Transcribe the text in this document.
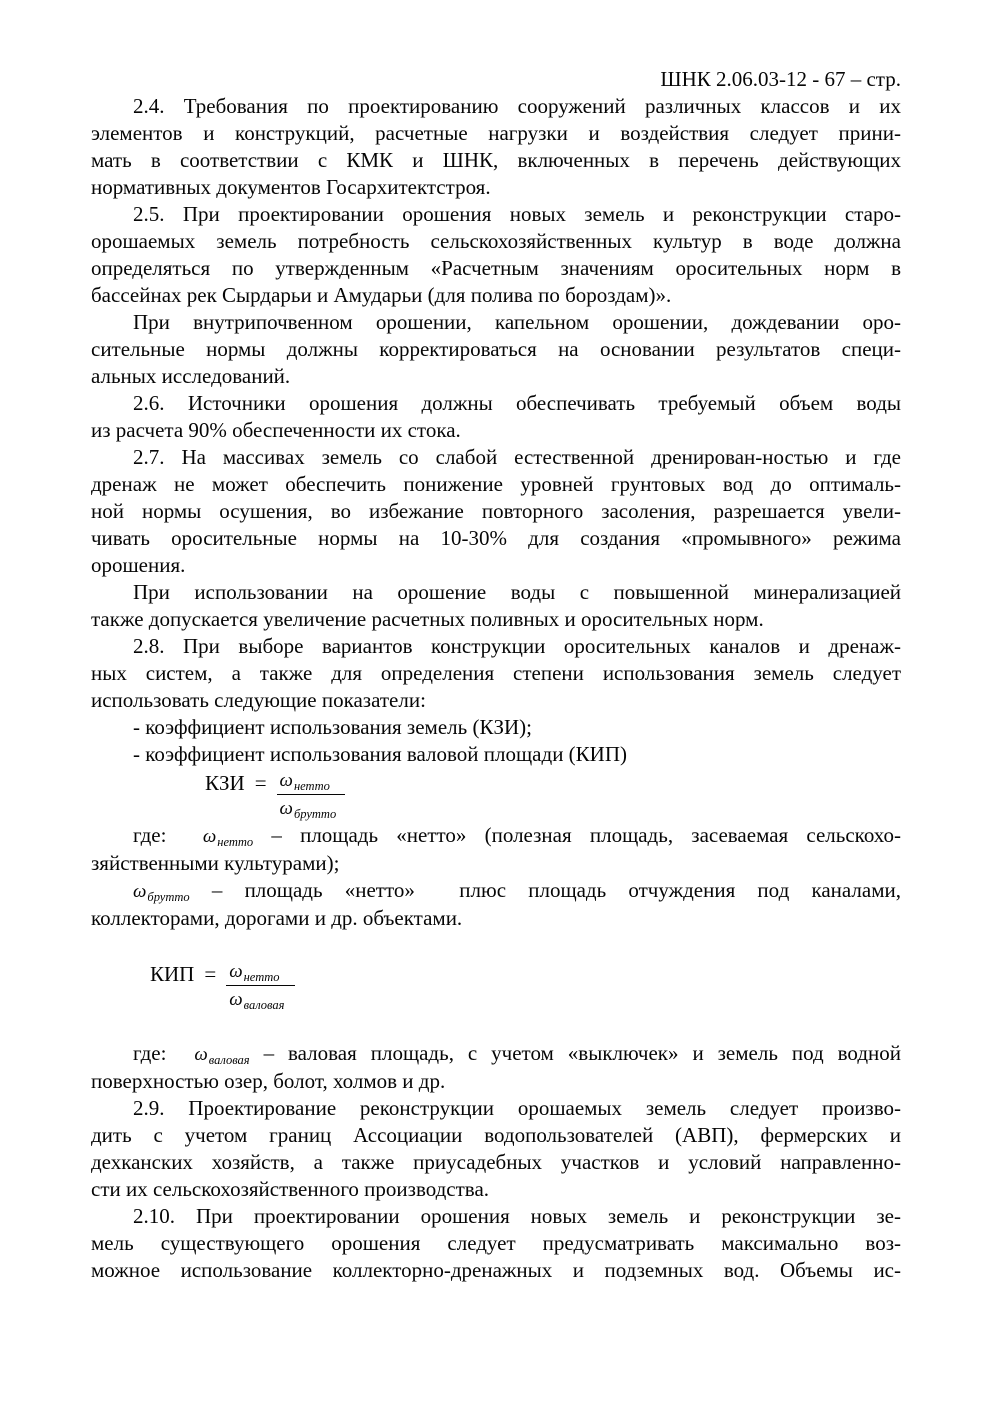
ШНК 2.06.03-12 - 67 – стр.
2.4. Требования по проектированию сооружений различных классов и их
элементов и конструкций, расчетные нагрузки и воздействия следует прини-
мать в соответствии с КМК и ШНК, включенных в перечень действующих
нормативных документов Госархитектстроя.
2.5. При проектировании орошения новых земель и реконструкции старо-
орошаемых земель потребность сельскохозяйственных культур в воде должна
определяться по утвержденным «Расчетным значениям оросительных норм в
бассейнах рек Сырдарьи и Амударьи (для полива по бороздам)».
При внутрипочвенном орошении, капельном орошении, дождевании оро-
сительные нормы должны корректироваться на основании результатов специ-
альных исследований.
2.6. Источники орошения должны обеспечивать требуемый объем воды
из расчета 90% обеспеченности их стока.
2.7. На массивах земель со слабой естественной дренирован-ностью и где
дренаж не может обеспечить понижение уровней грунтовых вод до оптималь-
ной нормы осушения, во избежание повторного засоления, разрешается увели-
чивать оросительные нормы на 10-30% для создания «промывного» режима
орошения.
При использовании на орошение воды с повышенной минерализацией
также допускается увеличение расчетных поливных и оросительных норм.
2.8. При выборе вариантов конструкции оросительных каналов и дренаж-
ных систем, а также для определения степени использования земель следует
использовать следующие показатели:
- коэффициент использования земель (КЗИ);
- коэффициент использования валовой площади (КИП)
КЗИ = $\frac{\omega_{нетто}}{\omega_{брутто}}$
где:  $\omega_{нетто}$ – площадь «нетто» (полезная площадь, засеваемая сельскохо-
зяйственными культурами);
$\omega_{брутто}$ – площадь «нетто»  плюс площадь отчуждения под каналами,
коллекторами, дорогами и др. объектами.
КИП = $\frac{\omega_{нетто}}{\omega_{валовая}}$
где:  $\omega_{валовая}$ – валовая площадь, с учетом «выключек» и земель под водной
поверхностью озер, болот, холмов и др.
2.9. Проектирование реконструкции орошаемых земель следует произво-
дить с учетом границ Ассоциации водопользователей (АВП), фермерских и
дехканских хозяйств, а также приусадебных участков и условий направленно-
сти их сельскохозяйственного производства.
2.10. При проектировании орошения новых земель и реконструкции зе-
мель существующего орошения следует предусматривать максимально воз-
можное использование коллекторно-дренажных и подземных вод. Объемы ис-
